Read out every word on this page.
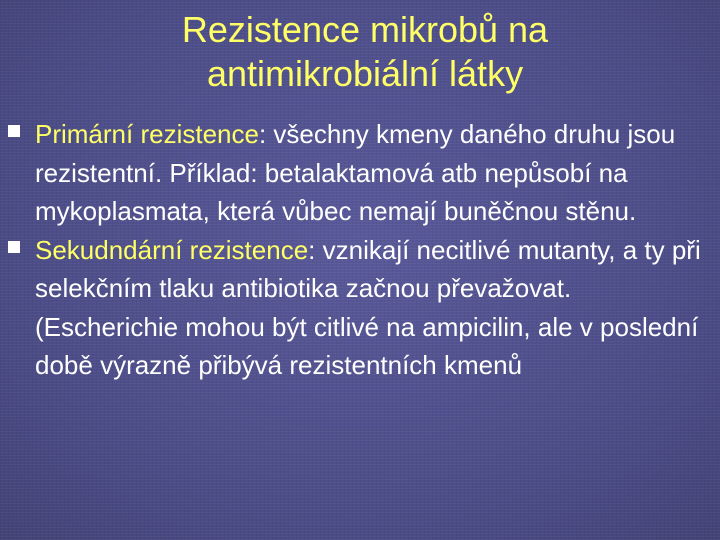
Rezistence mikrobů na antimikrobiální látky
Primární rezistence: všechny kmeny daného druhu jsou rezistentní. Příklad: betalaktamová atb nepůsobí na mykoplasmata, která vůbec nemají buněčnou stěnu.
Sekudndární rezistence: vznikají necitlivé mutanty, a ty při selekčním tlaku antibiotika začnou převažovat. (Escherichie mohou být citlivé na ampicilin, ale v poslední době výrazně přibývá rezistentních kmenů
